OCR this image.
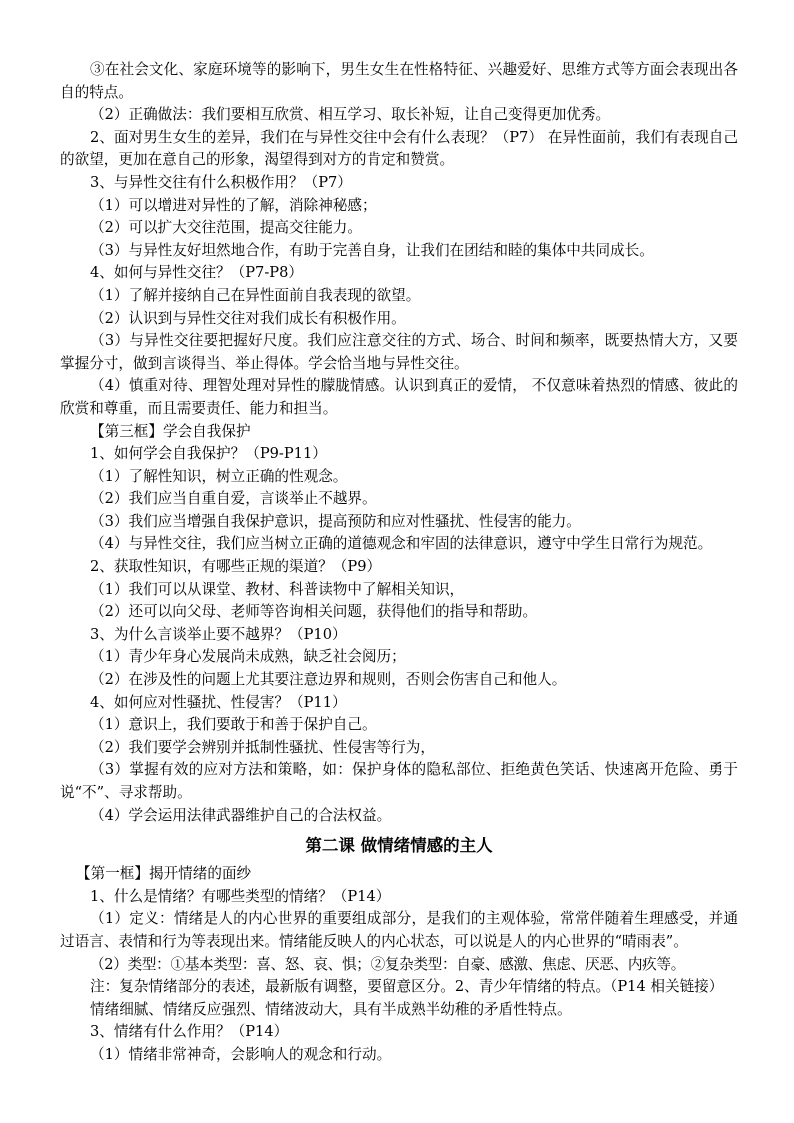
③在社会文化、家庭环境等的影响下，男生女生在性格特征、兴趣爱好、思维方式等方面会表现出各自的特点。

（2）正确做法：我们要相互欣赏、相互学习、取长补短，让自己变得更加优秀。

2、面对男生女生的差异，我们在与异性交往中会有什么表现？（P7） 在异性面前，我们有表现自己的欲望，更加在意自己的形象，渴望得到对方的肯定和赞赏。

3、与异性交往有什么积极作用？（P7）

（1）可以增进对异性的了解，消除神秘感；

（2）可以扩大交往范围，提高交往能力。

（3）与异性友好坦然地合作，有助于完善自身，让我们在团结和睦的集体中共同成长。

4、如何与异性交往？（P7-P8）

（1）了解并接纳自己在异性面前自我表现的欲望。

（2）认识到与异性交往对我们成长有积极作用。

（3）与异性交往要把握好尺度。我们应注意交往的方式、场合、时间和频率，既要热情大方，又要掌握分寸，做到言谈得当、举止得体。学会恰当地与异性交往。

（4）慎重对待、理智处理对异性的朦胧情感。认识到真正的爱情， 不仅意味着热烈的情感、彼此的欣赏和尊重，而且需要责任、能力和担当。

【第三框】学会自我保护

1、如何学会自我保护？（P9-P11）

（1）了解性知识，树立正确的性观念。

（2）我们应当自重自爱，言谈举止不越界。

（3）我们应当增强自我保护意识，提高预防和应对性骚扰、性侵害的能力。

（4）与异性交往，我们应当树立正确的道德观念和牢固的法律意识，遵守中学生日常行为规范。

2、获取性知识，有哪些正规的渠道？（P9）

（1）我们可以从课堂、教材、科普读物中了解相关知识，

（2）还可以向父母、老师等咨询相关问题，获得他们的指导和帮助。

3、为什么言谈举止要不越界？（P10）

（1）青少年身心发展尚未成熟，缺乏社会阅历；

（2）在涉及性的问题上尤其要注意边界和规则，否则会伤害自己和他人。

4、如何应对性骚扰、性侵害？（P11）

（1）意识上，我们要敢于和善于保护自己。

（2）我们要学会辨别并抵制性骚扰、性侵害等行为，

（3）掌握有效的应对方法和策略，如：保护身体的隐私部位、拒绝黄色笑话、快速离开危险、勇于说“不”、寻求帮助。

（4）学会运用法律武器维护自己的合法权益。

第二课 做情绪情感的主人

【第一框】揭开情绪的面纱

1、什么是情绪？有哪些类型的情绪？（P14）

（1）定义：情绪是人的内心世界的重要组成部分，是我们的主观体验，常常伴随着生理感受，并通过语言、表情和行为等表现出来。情绪能反映人的内心状态，可以说是人的内心世界的“晴雨表”。

（2）类型：①基本类型：喜、怒、哀、惧；②复杂类型：自豪、感激、焦虑、厌恶、内疚等。

注：复杂情绪部分的表述，最新版有调整，要留意区分。2、青少年情绪的特点。（P14 相关链接）

情绪细腻、情绪反应强烈、情绪波动大，具有半成熟半幼稚的矛盾性特点。

3、情绪有什么作用？（P14）

（1）情绪非常神奇，会影响人的观念和行动。
